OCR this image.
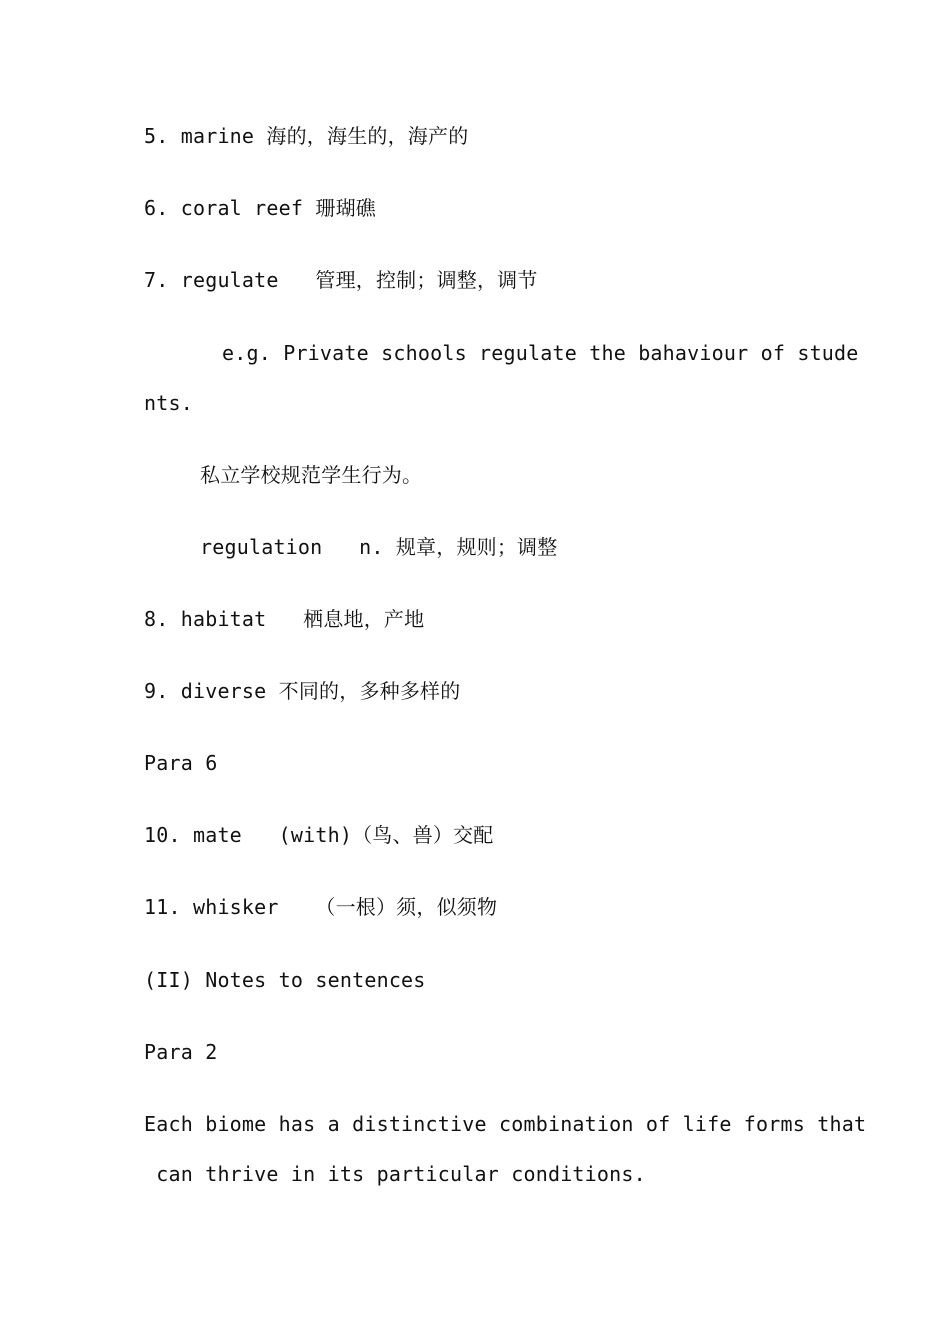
5. marine 海的，海生的，海产的
6. coral reef 珊瑚礁
7. regulate   管理，控制；调整，调节
e.g. Private schools regulate the bahaviour of stude
nts.
私立学校规范学生行为。
regulation   n. 规章，规则；调整
8. habitat   栖息地，产地
9. diverse 不同的，多种多样的
Para 6
10. mate   (with)（鸟、兽）交配
11. whisker   （一根）须，似须物
(II) Notes to sentences
Para 2
Each biome has a distinctive combination of life forms that
can thrive in its particular conditions.
